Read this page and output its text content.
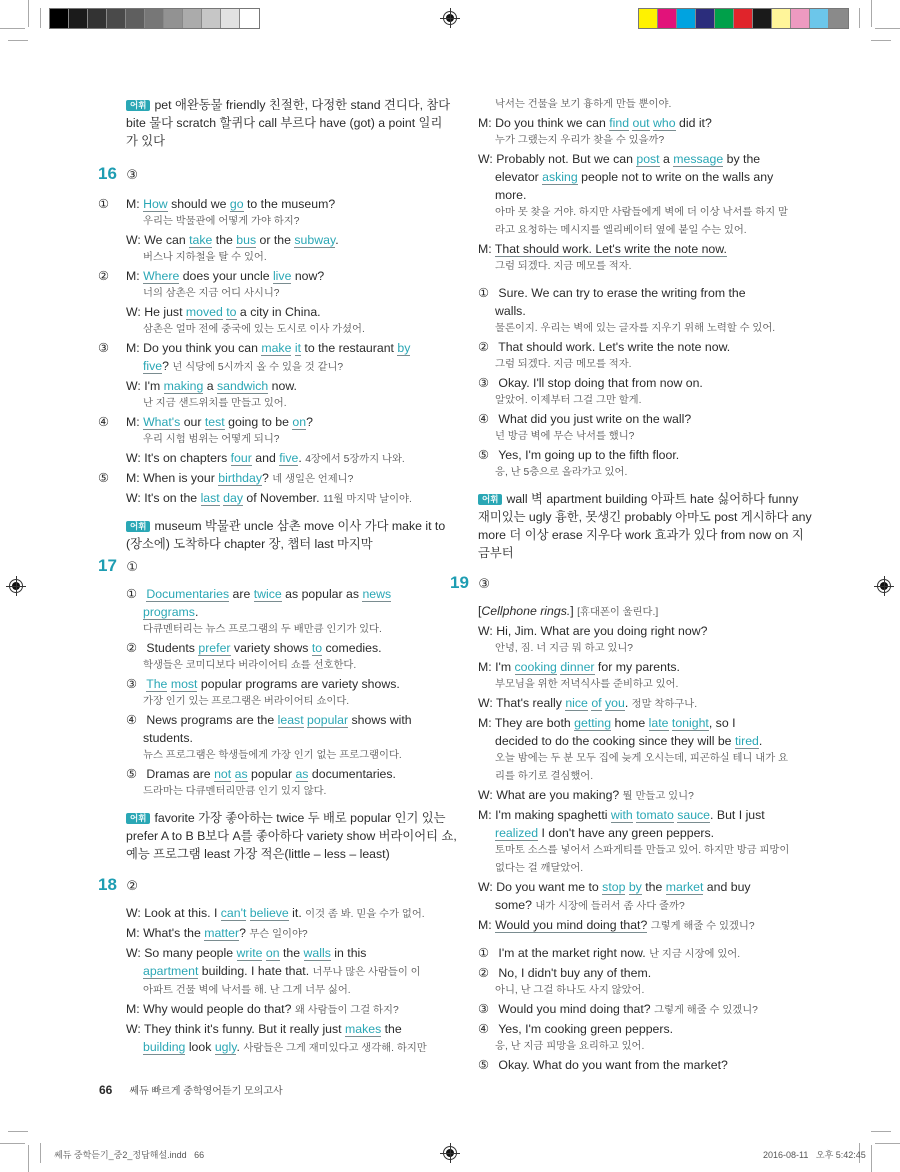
어휘 pet 애완동물 friendly 친절한, 다정한 stand 견디다, 참다
bite 물다 scratch 할퀴다 call 부르다 have (got) a point 일리
가 있다
16 ③
① M: How should we go to the museum?
우리는 박물관에 어떻게 가야 하지?
W: We can take the bus or the subway.
버스나 지하철을 탈 수 있어.
② M: Where does your uncle live now?
너의 삼촌은 지금 어디 사시니?
W: He just moved to a city in China.
삼촌은 얼마 전에 중국에 있는 도시로 이사 가셨어.
③ M: Do you think you can make it to the restaurant by
five? 넌 식당에 5시까지 올 수 있을 것 같니?
W: I'm making a sandwich now.
난 지금 샌드위치를 만들고 있어.
④ M: What's our test going to be on?
우리 시험 범위는 어떻게 되니?
W: It's on chapters four and five. 4장에서 5장까지 나와.
⑤ M: When is your birthday? 네 생일은 언제니?
W: It's on the last day of November. 11월 마지막 날이야.
어휘 museum 박물관 uncle 삼촌 move 이사 가다 make it to
(장소에) 도착하다 chapter 장, 챕터 last 마지막
17 ①
① Documentaries are twice as popular as news
programs.
다큐멘터리는 뉴스 프로그램의 두 배만큼 인기가 있다.
② Students prefer variety shows to comedies.
학생들은 코미디보다 버라이어티 쇼를 선호한다.
③ The most popular programs are variety shows.
가장 인기 있는 프로그램은 버라이어티 쇼이다.
④ News programs are the least popular shows with
students.
뉴스 프로그램은 학생들에게 가장 인기 없는 프로그램이다.
⑤ Dramas are not as popular as documentaries.
드라마는 다큐멘터리만큼 인기 있지 않다.
어휘 favorite 가장 좋아하는 twice 두 배로 popular 인기 있는
prefer A to B B보다 A를 좋아하다 variety show 버라이어티 쇼,
예능 프로그램 least 가장 적은(little – less – least)
18 ②
W: Look at this. I can't believe it. 이것 좀 봐. 믿을 수가 없어.
M: What's the matter? 무슨 일이야?
W: So many people write on the walls in this
apartment building. I hate that. 너무나 많은 사람들이 이
아파트 건물 벽에 낙서를 해. 난 그게 너무 싫어.
M: Why would people do that? 왜 사람들이 그걸 하지?
W: They think it's funny. But it really just makes the
building look ugly. 사람들은 그게 재미있다고 생각해. 하지만
낙서는 건물을 보기 흉하게 만들 뿐이야.
M: Do you think we can find out who did it?
누가 그랬는지 우리가 찾을 수 있을까?
W: Probably not. But we can post a message by the
elevator asking people not to write on the walls any
more.
아마 못 찾을 거야. 하지만 사람들에게 벽에 더 이상 낙서를 하지 말
라고 요청하는 메시지를 엘리베이터 옆에 붙일 수는 있어.
M: That should work. Let's write the note now.
그럼 되겠다. 지금 메모를 적자.
① Sure. We can try to erase the writing from the
walls.
물론이지. 우리는 벽에 있는 글자를 지우기 위해 노력할 수 있어.
② That should work. Let's write the note now.
그럼 되겠다. 지금 메모를 적자.
③ Okay. I'll stop doing that from now on.
알았어. 이제부터 그걸 그만 할게.
④ What did you just write on the wall?
넌 방금 벽에 무슨 낙서를 했니?
⑤ Yes, I'm going up to the fifth floor.
응, 난 5층으로 올라가고 있어.
어휘 wall 벽 apartment building 아파트 hate 싫어하다 funny
재미있는 ugly 흉한, 못생긴 probably 아마도 post 게시하다 any
more 더 이상 erase 지우다 work 효과가 있다 from now on 지
금부터
19 ③
[Cellphone rings.] [휴대폰이 울린다.]
W: Hi, Jim. What are you doing right now?
안녕, 짐. 너 지금 뭐 하고 있니?
M: I'm cooking dinner for my parents.
부모님을 위한 저녁식사를 준비하고 있어.
W: That's really nice of you. 정말 착하구나.
M: They are both getting home late tonight, so I
decided to do the cooking since they will be tired.
오늘 밤에는 두 분 모두 집에 늦게 오시는데, 피곤하실 테니 내가 요
리를 하기로 결심했어.
W: What are you making? 뭘 만들고 있니?
M: I'm making spaghetti with tomato sauce. But I just
realized I don't have any green peppers.
토마토 소스를 넣어서 스파게티를 만들고 있어. 하지만 방금 피망이
없다는 걸 깨달았어.
W: Do you want me to stop by the market and buy
some? 내가 시장에 들러서 좀 사다 줄까?
M: Would you mind doing that? 그렇게 해줄 수 있겠니?
① I'm at the market right now. 난 지금 시장에 있어.
② No, I didn't buy any of them.
아니, 난 그걸 하나도 사지 않았어.
③ Would you mind doing that? 그렇게 해줄 수 있겠니?
④ Yes, I'm cooking green peppers.
응, 난 지금 피망을 요리하고 있어.
⑤ Okay. What do you want from the market?
66 쎄듀 빠르게 중학영어듣기 모의고사
쎄듀 중학듣기_중2_정답해설.indd   66	2016-08-11   오후 5:42:45
